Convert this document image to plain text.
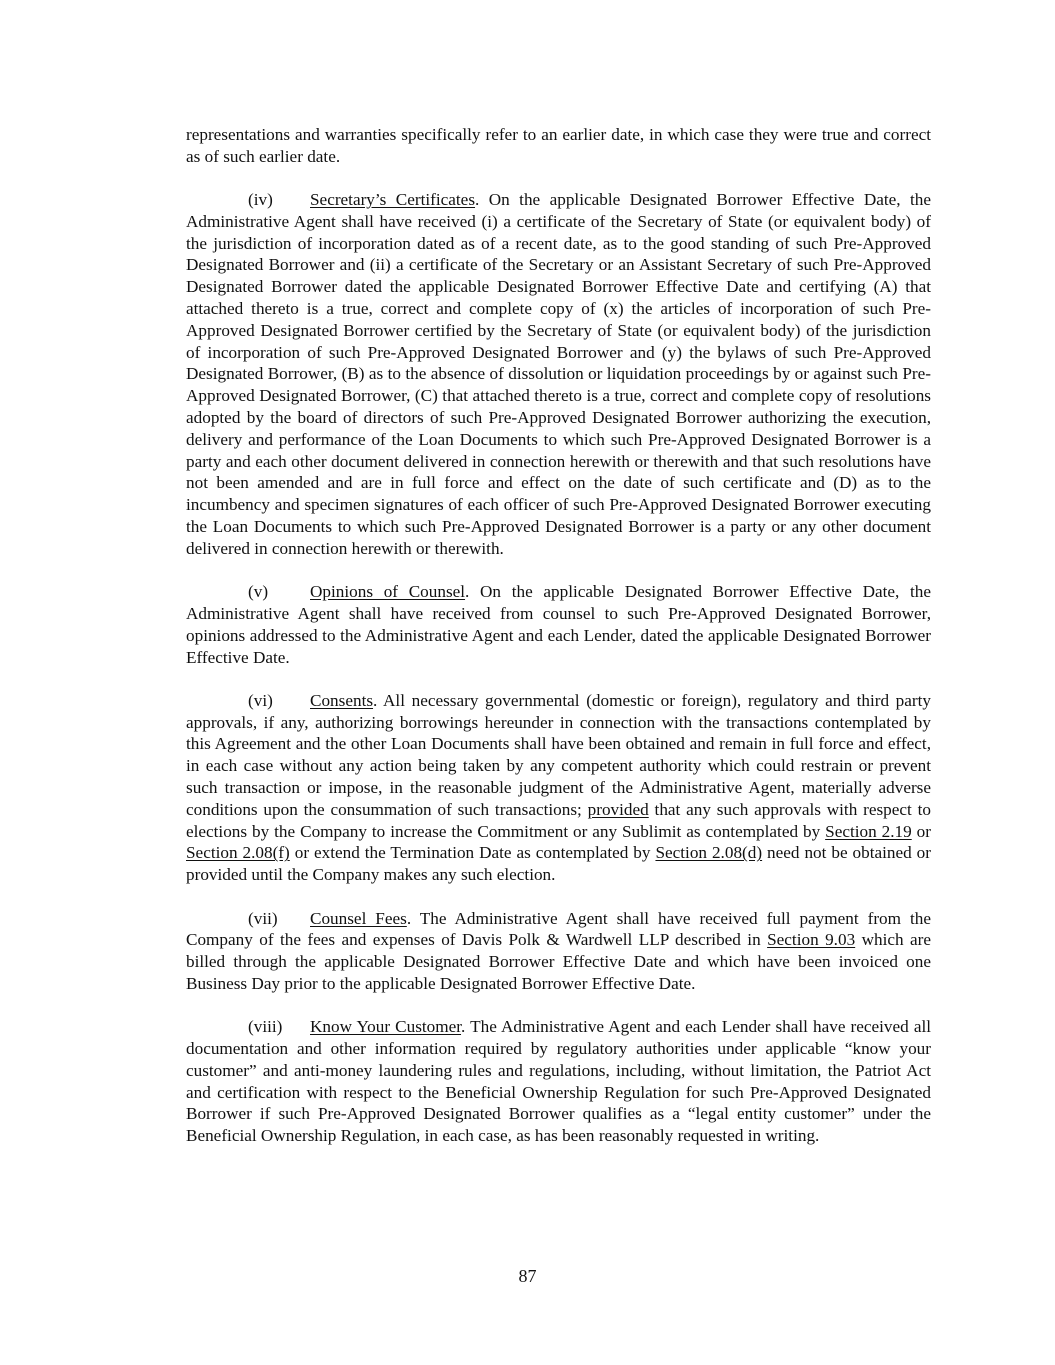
representations and warranties specifically refer to an earlier date, in which case they were true and correct as of such earlier date.

(iv) Secretary’s Certificates. On the applicable Designated Borrower Effective Date, the Administrative Agent shall have received (i) a certificate of the Secretary of State (or equivalent body) of the jurisdiction of incorporation dated as of a recent date, as to the good standing of such Pre-Approved Designated Borrower and (ii) a certificate of the Secretary or an Assistant Secretary of such Pre-Approved Designated Borrower dated the applicable Designated Borrower Effective Date and certifying (A) that attached thereto is a true, correct and complete copy of (x) the articles of incorporation of such Pre-Approved Designated Borrower certified by the Secretary of State (or equivalent body) of the jurisdiction of incorporation of such Pre-Approved Designated Borrower and (y) the bylaws of such Pre-Approved Designated Borrower, (B) as to the absence of dissolution or liquidation proceedings by or against such Pre-Approved Designated Borrower, (C) that attached thereto is a true, correct and complete copy of resolutions adopted by the board of directors of such Pre-Approved Designated Borrower authorizing the execution, delivery and performance of the Loan Documents to which such Pre-Approved Designated Borrower is a party and each other document delivered in connection herewith or therewith and that such resolutions have not been amended and are in full force and effect on the date of such certificate and (D) as to the incumbency and specimen signatures of each officer of such Pre-Approved Designated Borrower executing the Loan Documents to which such Pre-Approved Designated Borrower is a party or any other document delivered in connection herewith or therewith.

(v) Opinions of Counsel. On the applicable Designated Borrower Effective Date, the Administrative Agent shall have received from counsel to such Pre-Approved Designated Borrower, opinions addressed to the Administrative Agent and each Lender, dated the applicable Designated Borrower Effective Date.

(vi) Consents. All necessary governmental (domestic or foreign), regulatory and third party approvals, if any, authorizing borrowings hereunder in connection with the transactions contemplated by this Agreement and the other Loan Documents shall have been obtained and remain in full force and effect, in each case without any action being taken by any competent authority which could restrain or prevent such transaction or impose, in the reasonable judgment of the Administrative Agent, materially adverse conditions upon the consummation of such transactions; provided that any such approvals with respect to elections by the Company to increase the Commitment or any Sublimit as contemplated by Section 2.19 or Section 2.08(f) or extend the Termination Date as contemplated by Section 2.08(d) need not be obtained or provided until the Company makes any such election.

(vii) Counsel Fees. The Administrative Agent shall have received full payment from the Company of the fees and expenses of Davis Polk & Wardwell LLP described in Section 9.03 which are billed through the applicable Designated Borrower Effective Date and which have been invoiced one Business Day prior to the applicable Designated Borrower Effective Date.

(viii) Know Your Customer. The Administrative Agent and each Lender shall have received all documentation and other information required by regulatory authorities under applicable “know your customer” and anti-money laundering rules and regulations, including, without limitation, the Patriot Act and certification with respect to the Beneficial Ownership Regulation for such Pre-Approved Designated Borrower if such Pre-Approved Designated Borrower qualifies as a “legal entity customer” under the Beneficial Ownership Regulation, in each case, as has been reasonably requested in writing.

87
